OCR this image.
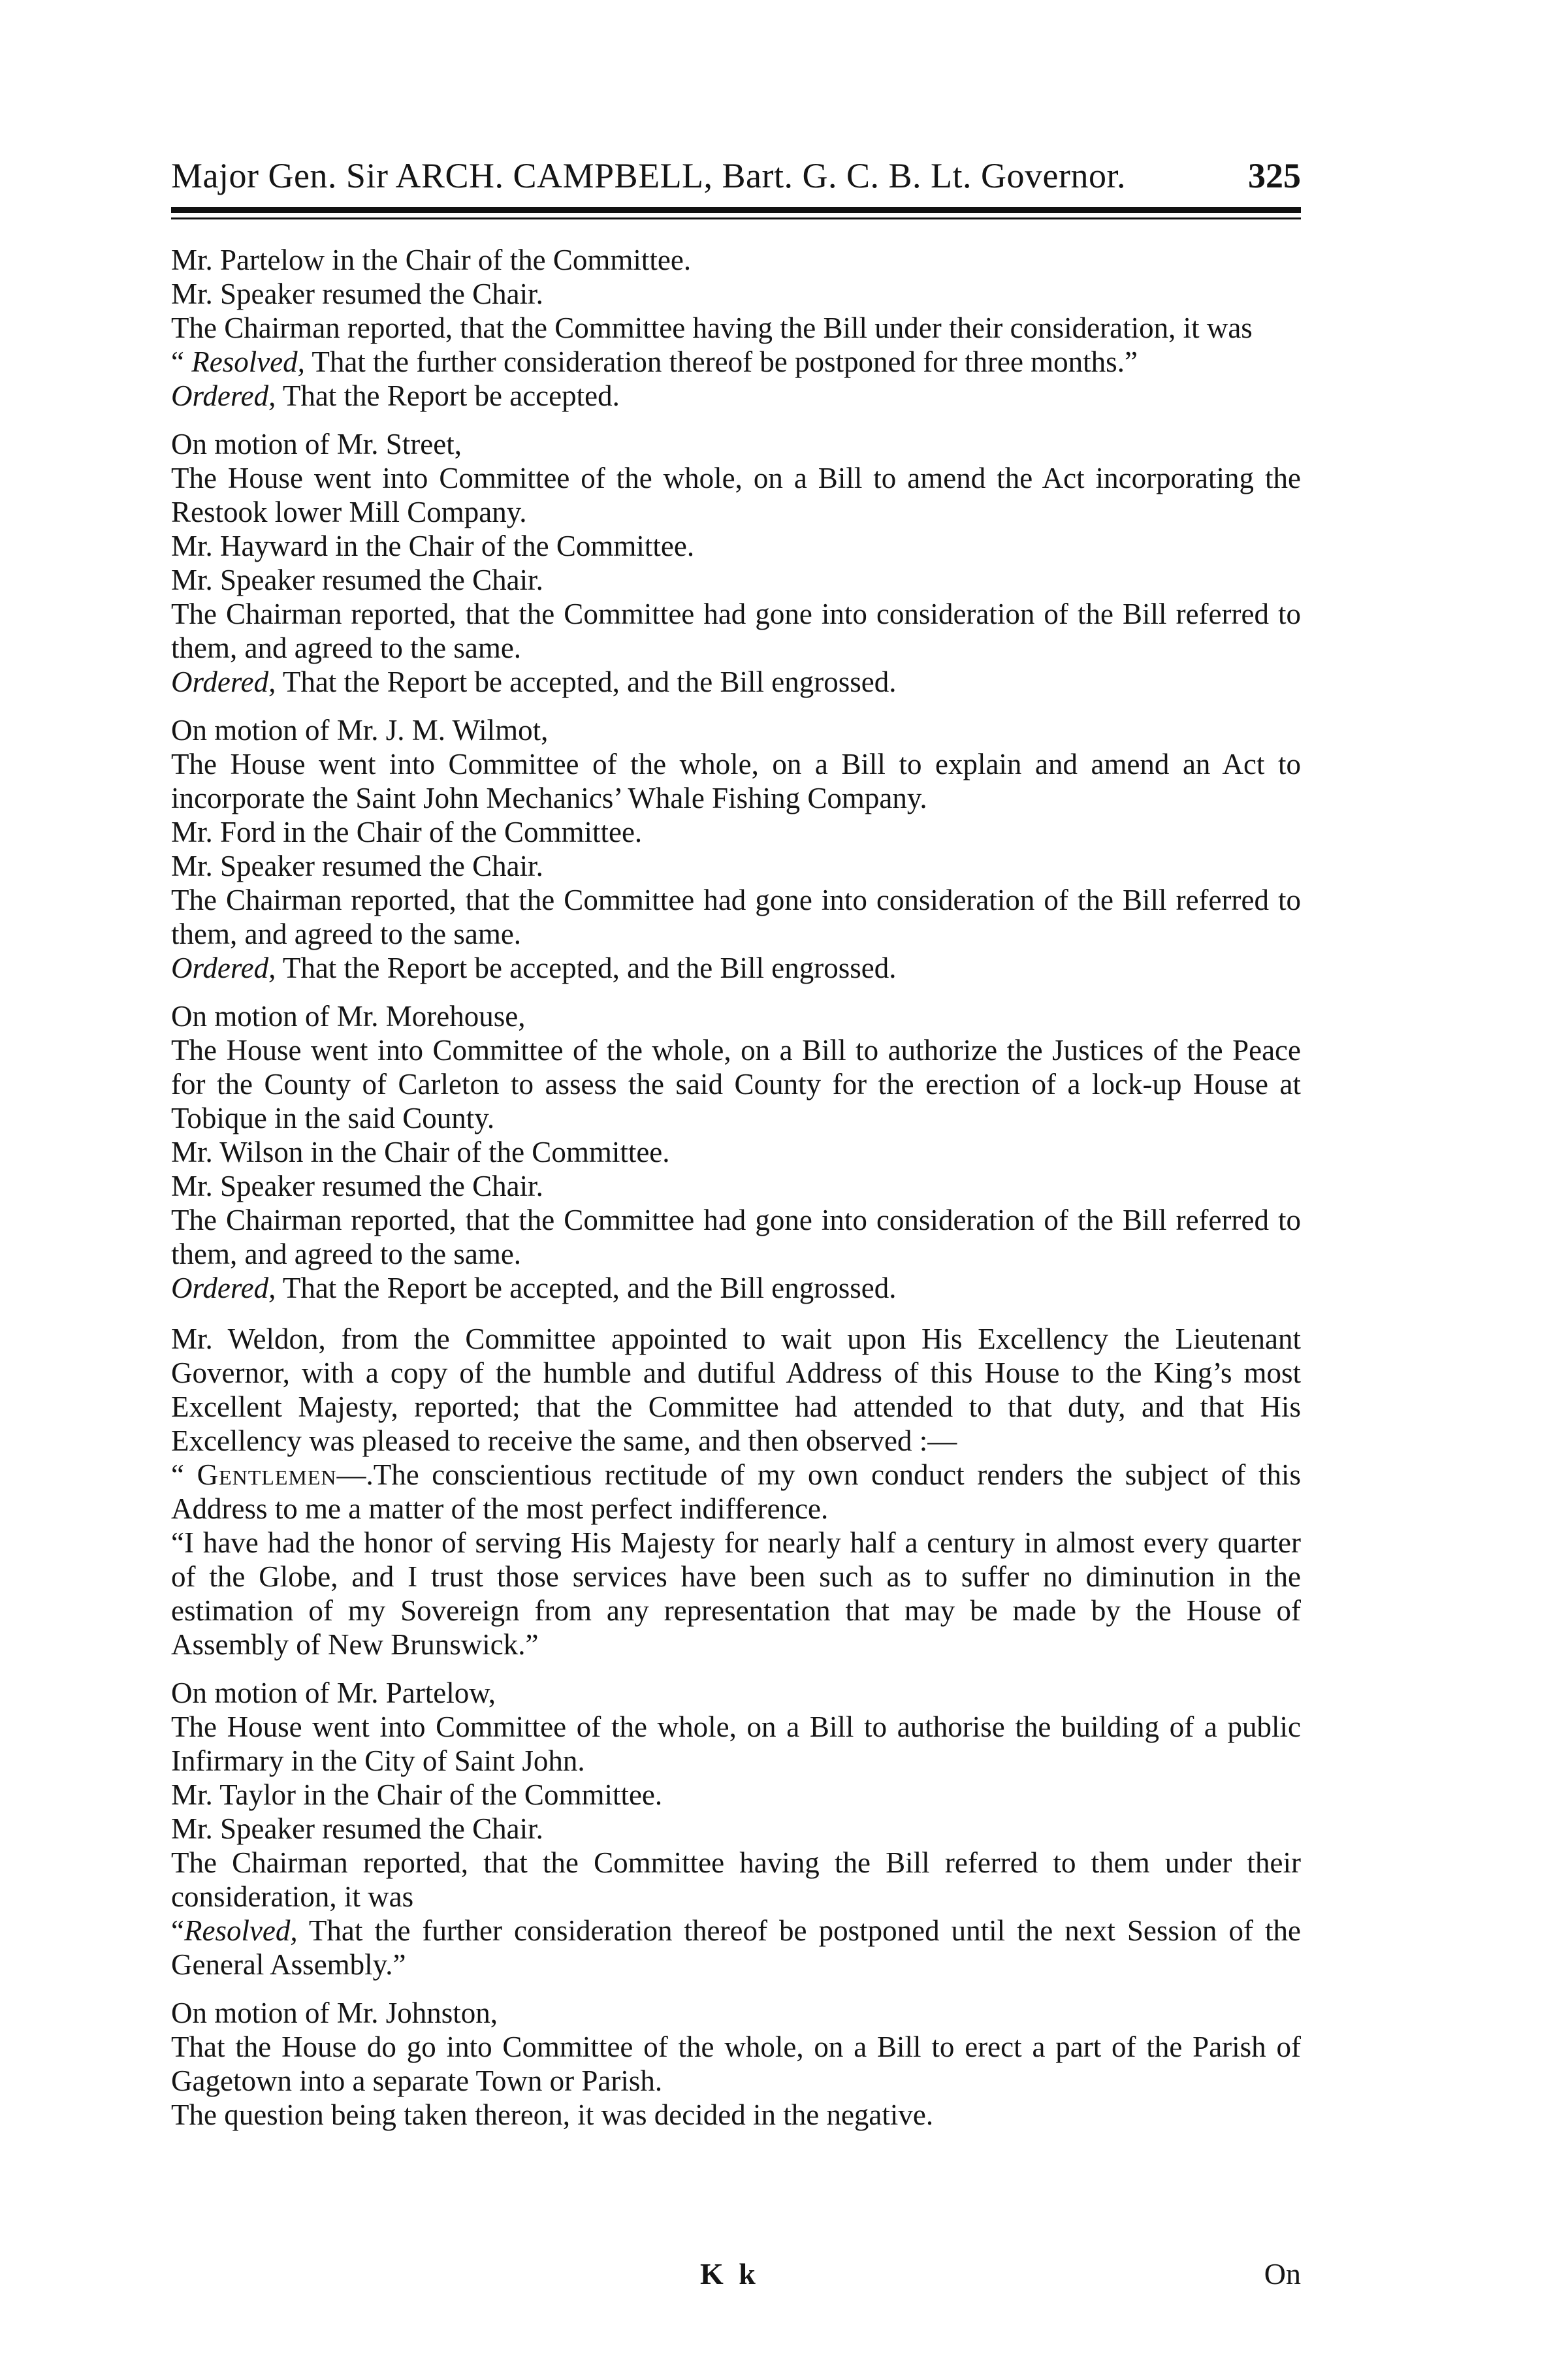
Major Gen. Sir ARCH. CAMPBELL, Bart. G. C. B. Lt. Governor.	325

Mr. Partelow in the Chair of the Committee.

Mr. Speaker resumed the Chair.

The Chairman reported, that the Committee having the Bill under their consideration, it was

“ Resolved, That the further consideration thereof be postponed for three months.”

Ordered, That the Report be accepted.

On motion of Mr. Street,

The House went into Committee of the whole, on a Bill to amend the Act incorporating the Restook lower Mill Company.

Mr. Hayward in the Chair of the Committee.

Mr. Speaker resumed the Chair.

The Chairman reported, that the Committee had gone into consideration of the Bill referred to them, and agreed to the same.

Ordered, That the Report be accepted, and the Bill engrossed.

On motion of Mr. J. M. Wilmot,

The House went into Committee of the whole, on a Bill to explain and amend an Act to incorporate the Saint John Mechanics’ Whale Fishing Company.

Mr. Ford in the Chair of the Committee.

Mr. Speaker resumed the Chair.

The Chairman reported, that the Committee had gone into consideration of the Bill referred to them, and agreed to the same.

Ordered, That the Report be accepted, and the Bill engrossed.

On motion of Mr. Morehouse,

The House went into Committee of the whole, on a Bill to authorize the Justices of the Peace for the County of Carleton to assess the said County for the erection of a lock-up House at Tobique in the said County.

Mr. Wilson in the Chair of the Committee.

Mr. Speaker resumed the Chair.

The Chairman reported, that the Committee had gone into consideration of the Bill referred to them, and agreed to the same.

Ordered, That the Report be accepted, and the Bill engrossed.

Mr. Weldon, from the Committee appointed to wait upon His Excellency the Lieutenant Governor, with a copy of the humble and dutiful Address of this House to the King’s most Excellent Majesty, reported; that the Committee had attended to that duty, and that His Excellency was pleased to receive the same, and then observed :—

“ Gentlemen—.The conscientious rectitude of my own conduct renders the subject of this Address to me a matter of the most perfect indifference.

“I have had the honor of serving His Majesty for nearly half a century in almost every quarter of the Globe, and I trust those services have been such as to suffer no diminution in the estimation of my Sovereign from any representation that may be made by the House of Assembly of New Brunswick.”

On motion of Mr. Partelow,

The House went into Committee of the whole, on a Bill to authorise the building of a public Infirmary in the City of Saint John.

Mr. Taylor in the Chair of the Committee.

Mr. Speaker resumed the Chair.

The Chairman reported, that the Committee having the Bill referred to them under their consideration, it was

“Resolved, That the further consideration thereof be postponed until the next Session of the General Assembly.”

On motion of Mr. Johnston,

That the House do go into Committee of the whole, on a Bill to erect a part of the Parish of Gagetown into a separate Town or Parish.

The question being taken thereon, it was decided in the negative.

K k	On
